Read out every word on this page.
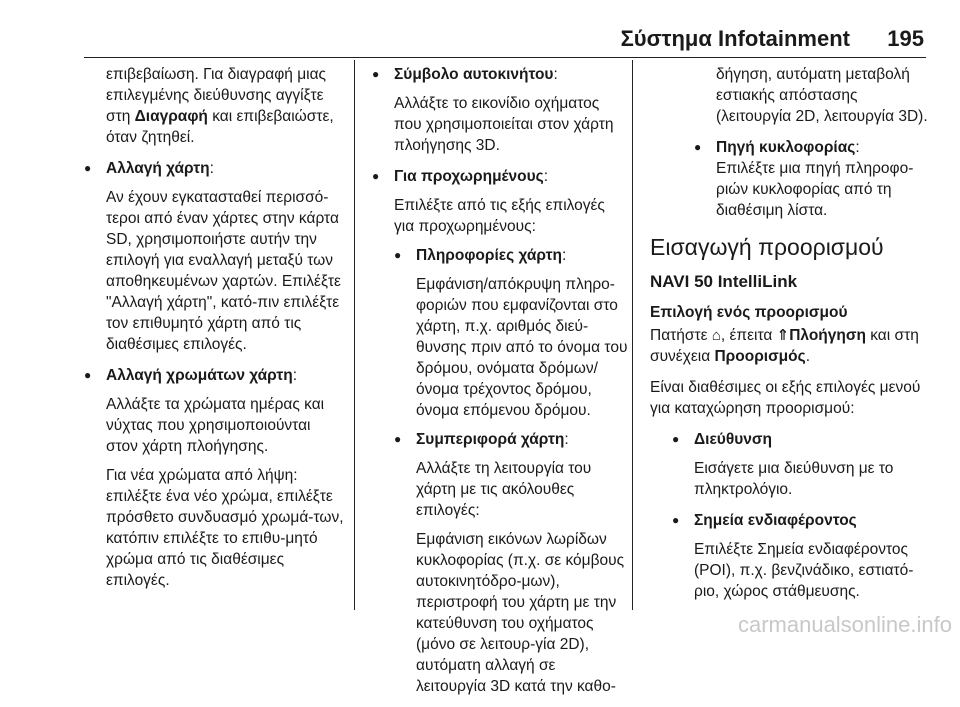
Σύστημα Infotainment 195

επιβεβαίωση. Για διαγραφή μιας επιλεγμένης διεύθυνσης αγγίξτε στη Διαγραφή και επιβεβαιώστε, όταν ζητηθεί.

● Αλλαγή χάρτη:
Αν έχουν εγκατασταθεί περισσό-τεροι από έναν χάρτες στην κάρτα SD, χρησιμοποιήστε αυτήν την επιλογή για εναλλαγή μεταξύ των αποθηκευμένων χαρτών. Επιλέξτε "Αλλαγή χάρτη", κατό-πιν επιλέξτε τον επιθυμητό χάρτη από τις διαθέσιμες επιλογές.
● Αλλαγή χρωμάτων χάρτη:
Αλλάξτε τα χρώματα ημέρας και νύχτας που χρησιμοποιούνται στον χάρτη πλοήγησης.
Για νέα χρώματα από λήψη: επιλέξτε ένα νέο χρώμα, επιλέξτε πρόσθετο συνδυασμό χρωμά-των, κατόπιν επιλέξτε το επιθυ-μητό χρώμα από τις διαθέσιμες επιλογές.
● Σύμβολο αυτοκινήτου:
Αλλάξτε το εικονίδιο οχήματος που χρησιμοποιείται στον χάρτη πλοήγησης 3D.
● Για προχωρημένους:
Επιλέξτε από τις εξής επιλογές για προχωρημένους:
● Πληροφορίες χάρτη:
Εμφάνιση/απόκρυψη πληρο-φοριών που εμφανίζονται στο χάρτη, π.χ. αριθμός διεύ-θυνσης πριν από το όνομα του δρόμου, ονόματα δρόμων/όνομα τρέχοντος δρόμου, όνομα επόμενου δρόμου.
● Συμπεριφορά χάρτη:
Αλλάξτε τη λειτουργία του χάρτη με τις ακόλουθες επιλογές:
Εμφάνιση εικόνων λωρίδων κυκλοφορίας (π.χ. σε κόμβους αυτοκινητόδρο-μων), περιστροφή του χάρτη με την κατεύθυνση του οχήματος (μόνο σε λειτουρ-γία 2D), αυτόματη αλλαγή σε λειτουργία 3D κατά την καθο-
δήγηση, αυτόματη μεταβολή εστιακής απόστασης (λειτουργία 2D, λειτουργία 3D).
● Πηγή κυκλοφορίας:
Επιλέξτε μια πηγή πληροφο-ριών κυκλοφορίας από τη διαθέσιμη λίστα.
Εισαγωγή προορισμού
NAVI 50 IntelliLink
Επιλογή ενός προορισμού

Πατήστε ⌂, έπειτα ⇑Πλοήγηση και στη συνέχεια Προορισμός.

Είναι διαθέσιμες οι εξής επιλογές μενού για καταχώρηση προορισμού:

● Διεύθυνση
Εισάγετε μια διεύθυνση με το πληκτρολόγιο.
● Σημεία ενδιαφέροντος
Επιλέξτε Σημεία ενδιαφέροντος (POI), π.χ. βενζινάδικο, εστιατό-ριο, χώρος στάθμευσης.
carmanualsonline.info
